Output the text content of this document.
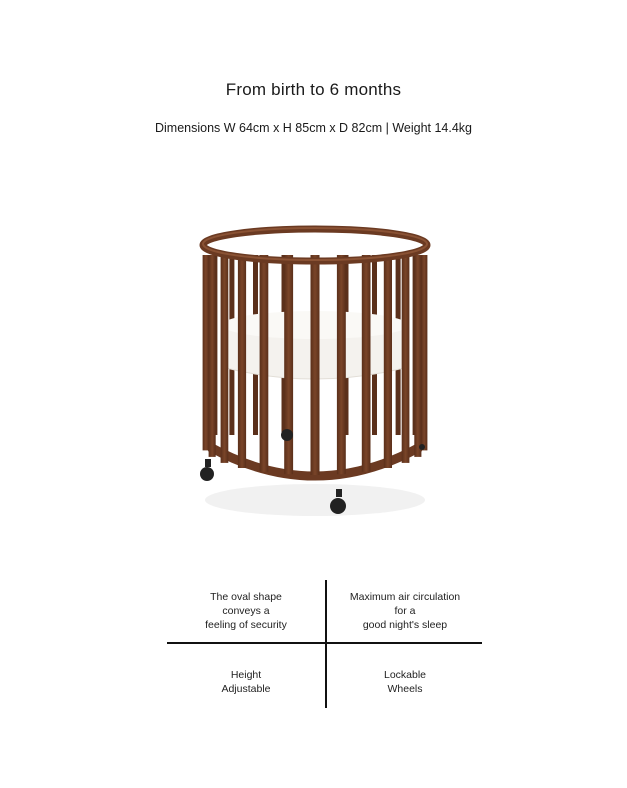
From birth to 6 months
Dimensions W 64cm x H 85cm x D 82cm | Weight 14.4kg
The oval shape
conveys a
feeling of security
Maximum air circulation
for a
good night's sleep
Height
Adjustable
Lockable
Wheels
